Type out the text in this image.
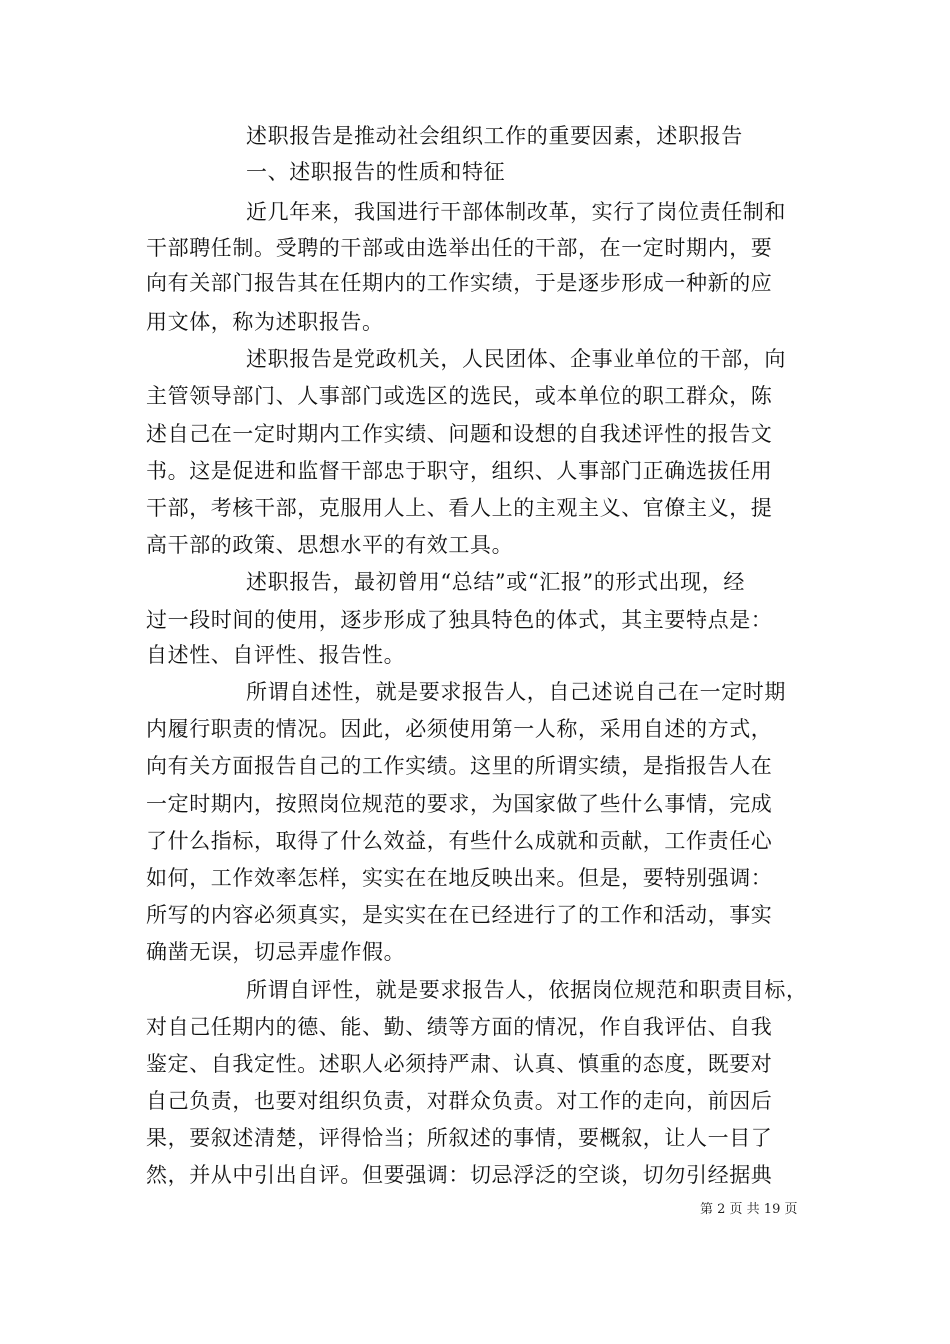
述职报告是推动社会组织工作的重要因素，述职报告
一、述职报告的性质和特征
近几年来，我国进行干部体制改革，实行了岗位责任制和
干部聘任制。受聘的干部或由选举出任的干部，在一定时期内，要
向有关部门报告其在任期内的工作实绩，于是逐步形成一种新的应
用文体，称为述职报告。
述职报告是党政机关，人民团体、企事业单位的干部，向
主管领导部门、人事部门或选区的选民，或本单位的职工群众，陈
述自己在一定时期内工作实绩、问题和设想的自我述评性的报告文
书。这是促进和监督干部忠于职守，组织、人事部门正确选拔任用
干部，考核干部，克服用人上、看人上的主观主义、官僚主义，提
高干部的政策、思想水平的有效工具。
述职报告，最初曾用“总结”或“汇报”的形式出现，经
过一段时间的使用，逐步形成了独具特色的体式，其主要特点是：
自述性、自评性、报告性。
所谓自述性，就是要求报告人，自己述说自己在一定时期
内履行职责的情况。因此，必须使用第一人称，采用自述的方式，
向有关方面报告自己的工作实绩。这里的所谓实绩，是指报告人在
一定时期内，按照岗位规范的要求，为国家做了些什么事情，完成
了什么指标，取得了什么效益，有些什么成就和贡献，工作责任心
如何，工作效率怎样，实实在在地反映出来。但是，要特别强调：
所写的内容必须真实，是实实在在已经进行了的工作和活动，事实
确凿无误，切忌弄虚作假。
所谓自评性，就是要求报告人，依据岗位规范和职责目标，
对自己任期内的德、能、勤、绩等方面的情况，作自我评估、自我
鉴定、自我定性。述职人必须持严肃、认真、慎重的态度，既要对
自己负责，也要对组织负责，对群众负责。对工作的走向，前因后
果，要叙述清楚，评得恰当；所叙述的事情，要概叙，让人一目了
然，并从中引出自评。但要强调：切忌浮泛的空谈，切勿引经据典
第 2 页 共 19 页
